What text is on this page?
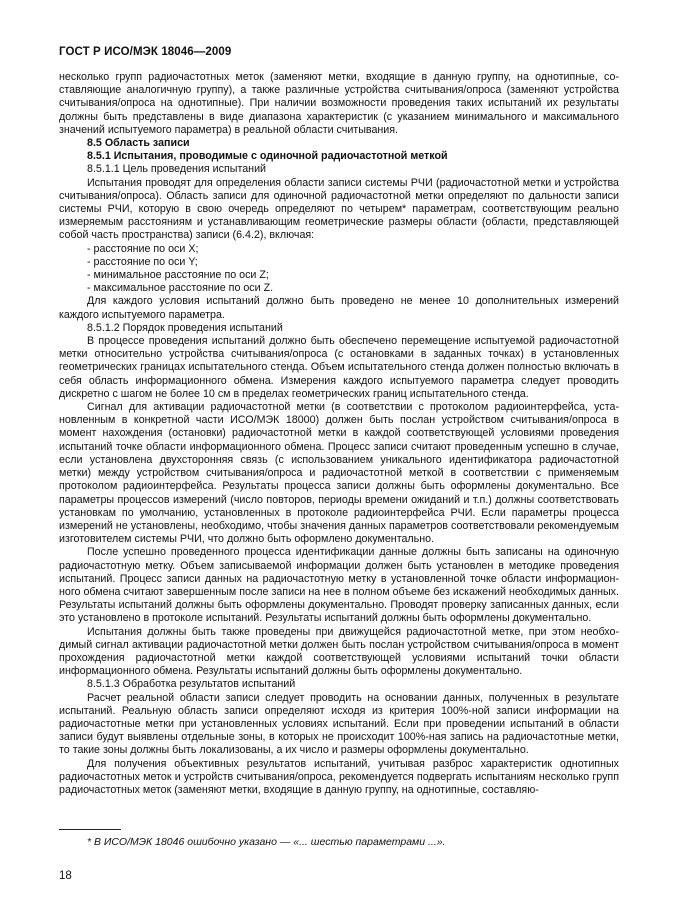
ГОСТ Р ИСО/МЭК 18046—2009

несколько групп радиочастотных меток (заменяют метки, входящие в данную группу, на однотипные, составляющие аналогичную группу), а также различные устройства считывания/опроса (заменяют устройства считывания/опроса на однотипные). При наличии возможности проведения таких испытаний их результаты должны быть представлены в виде диапазона характеристик (с указанием минимального и максимального значений испытуемого параметра) в реальной области считывания.

8.5 Область записи

8.5.1 Испытания, проводимые с одиночной радиочастотной меткой

8.5.1.1 Цель проведения испытаний

Испытания проводят для определения области записи системы РЧИ (радиочастотной метки и устройства считывания/опроса). Область записи для одиночной радиочастотной метки определяют по дальности записи системы РЧИ, которую в свою очередь определяют по четырем* параметрам, соответствующим реально измеряемым расстояниям и устанавливающим геометрические размеры области (области, представляющей собой часть пространства) записи (6.4.2), включая:

- расстояние по оси X;

- расстояние по оси Y;

- минимальное расстояние по оси Z;

- максимальное расстояние по оси Z.

Для каждого условия испытаний должно быть проведено не менее 10 дополнительных измерений каждого испытуемого параметра.

8.5.1.2 Порядок проведения испытаний

В процессе проведения испытаний должно быть обеспечено перемещение испытуемой радиочастотной метки относительно устройства считывания/опроса (с остановками в заданных точках) в установленных геометрических границах испытательного стенда. Объем испытательного стенда должен полностью включать в себя область информационного обмена. Измерения каждого испытуемого параметра следует проводить дискретно с шагом не более 10 см в пределах геометрических границ испытательного стенда.

Сигнал для активации радиочастотной метки (в соответствии с протоколом радиоинтерфейса, установленным в конкретной части ИСО/МЭК 18000) должен быть послан устройством считывания/опроса в момент нахождения (остановки) радиочастотной метки в каждой соответствующей условиями проведения испытаний точке области информационного обмена. Процесс записи считают проведенным успешно в случае, если установлена двухсторонняя связь (с использованием уникального идентификатора радиочастотной метки) между устройством считывания/опроса и радиочастотной меткой в соответствии с применяемым протоколом радиоинтерфейса. Результаты процесса записи должны быть оформлены документально. Все параметры процессов измерений (число повторов, периоды времени ожиданий и т.п.) должны соответствовать установкам по умолчанию, установленных в протоколе радиоинтерфейса РЧИ. Если параметры процесса измерений не установлены, необходимо, чтобы значения данных параметров соответствовали рекомендуемым изготовителем системы РЧИ, что должно быть оформлено документально.

После успешно проведенного процесса идентификации данные должны быть записаны на одиночную радиочастотную метку. Объем записываемой информации должен быть установлен в методике проведения испытаний. Процесс записи данных на радиочастотную метку в установленной точке области информационного обмена считают завершенным после записи на нее в полном объеме без искажений необходимых данных. Результаты испытаний должны быть оформлены документально. Проводят проверку записанных данных, если это установлено в протоколе испытаний. Результаты испытаний должны быть оформлены документально.

Испытания должны быть также проведены при движущейся радиочастотной метке, при этом необходимый сигнал активации радиочастотной метки должен быть послан устройством считывания/опроса в момент прохождения радиочастотной метки каждой соответствующей условиями испытаний точки области информационного обмена. Результаты испытаний должны быть оформлены документально.

8.5.1.3 Обработка результатов испытаний

Расчет реальной области записи следует проводить на основании данных, полученных в результате испытаний. Реальную область записи определяют исходя из критерия 100%-ной записи информации на радиочастотные метки при установленных условиях испытаний. Если при проведении испытаний в области записи будут выявлены отдельные зоны, в которых не происходит 100%-ная запись на радиочастотные метки, то такие зоны должны быть локализованы, а их число и размеры оформлены документально.

Для получения объективных результатов испытаний, учитывая разброс характеристик однотипных радиочастотных меток и устройств считывания/опроса, рекомендуется подвергать испытаниям несколько групп радиочастотных меток (заменяют метки, входящие в данную группу, на однотипные, составляю-

* В ИСО/МЭК 18046 ошибочно указано — «... шестью параметрами ...».
18
